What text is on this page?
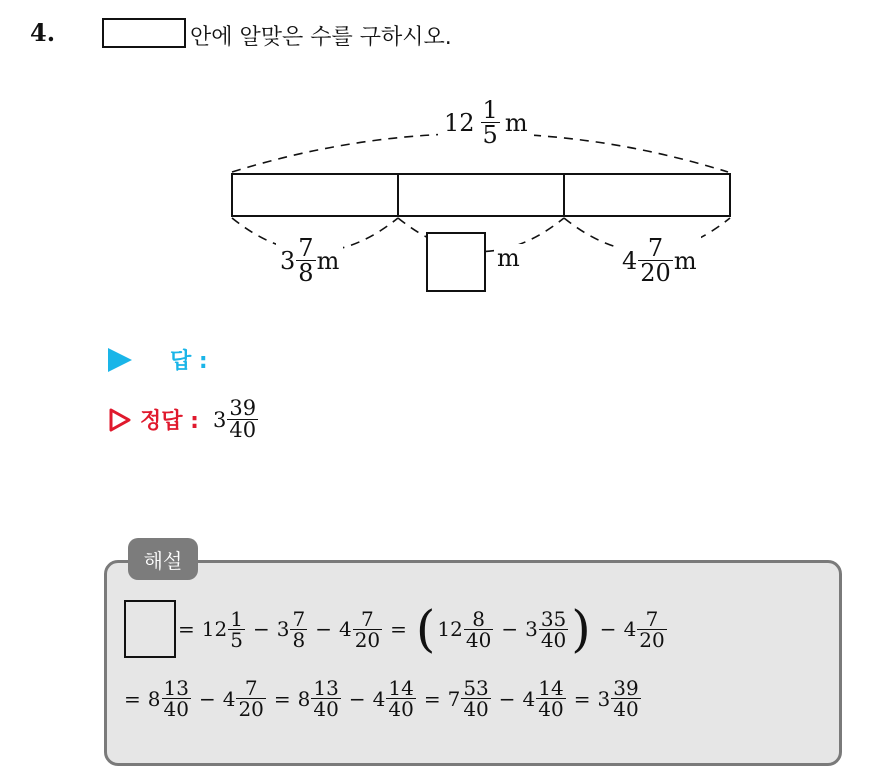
4.	안에 알맞은 수를 구하시오.
$12 \frac{1}{5}$ m
$3 \frac{7}{8}$ m	m	$4 \frac{7}{20}$ m
답 :
정답 : $3 \frac{39}{40}$
해설
= $12 \frac{1}{5} - 3 \frac{7}{8} - 4 \frac{7}{20}$ = ( $12 \frac{8}{40} - 3 \frac{35}{40}$ ) − $4 \frac{7}{20}$
= $8 \frac{13}{40} - 4 \frac{7}{20} = 8 \frac{13}{40} - 4 \frac{14}{40} = 7 \frac{53}{40} - 4 \frac{14}{40} = 3 \frac{39}{40}$
